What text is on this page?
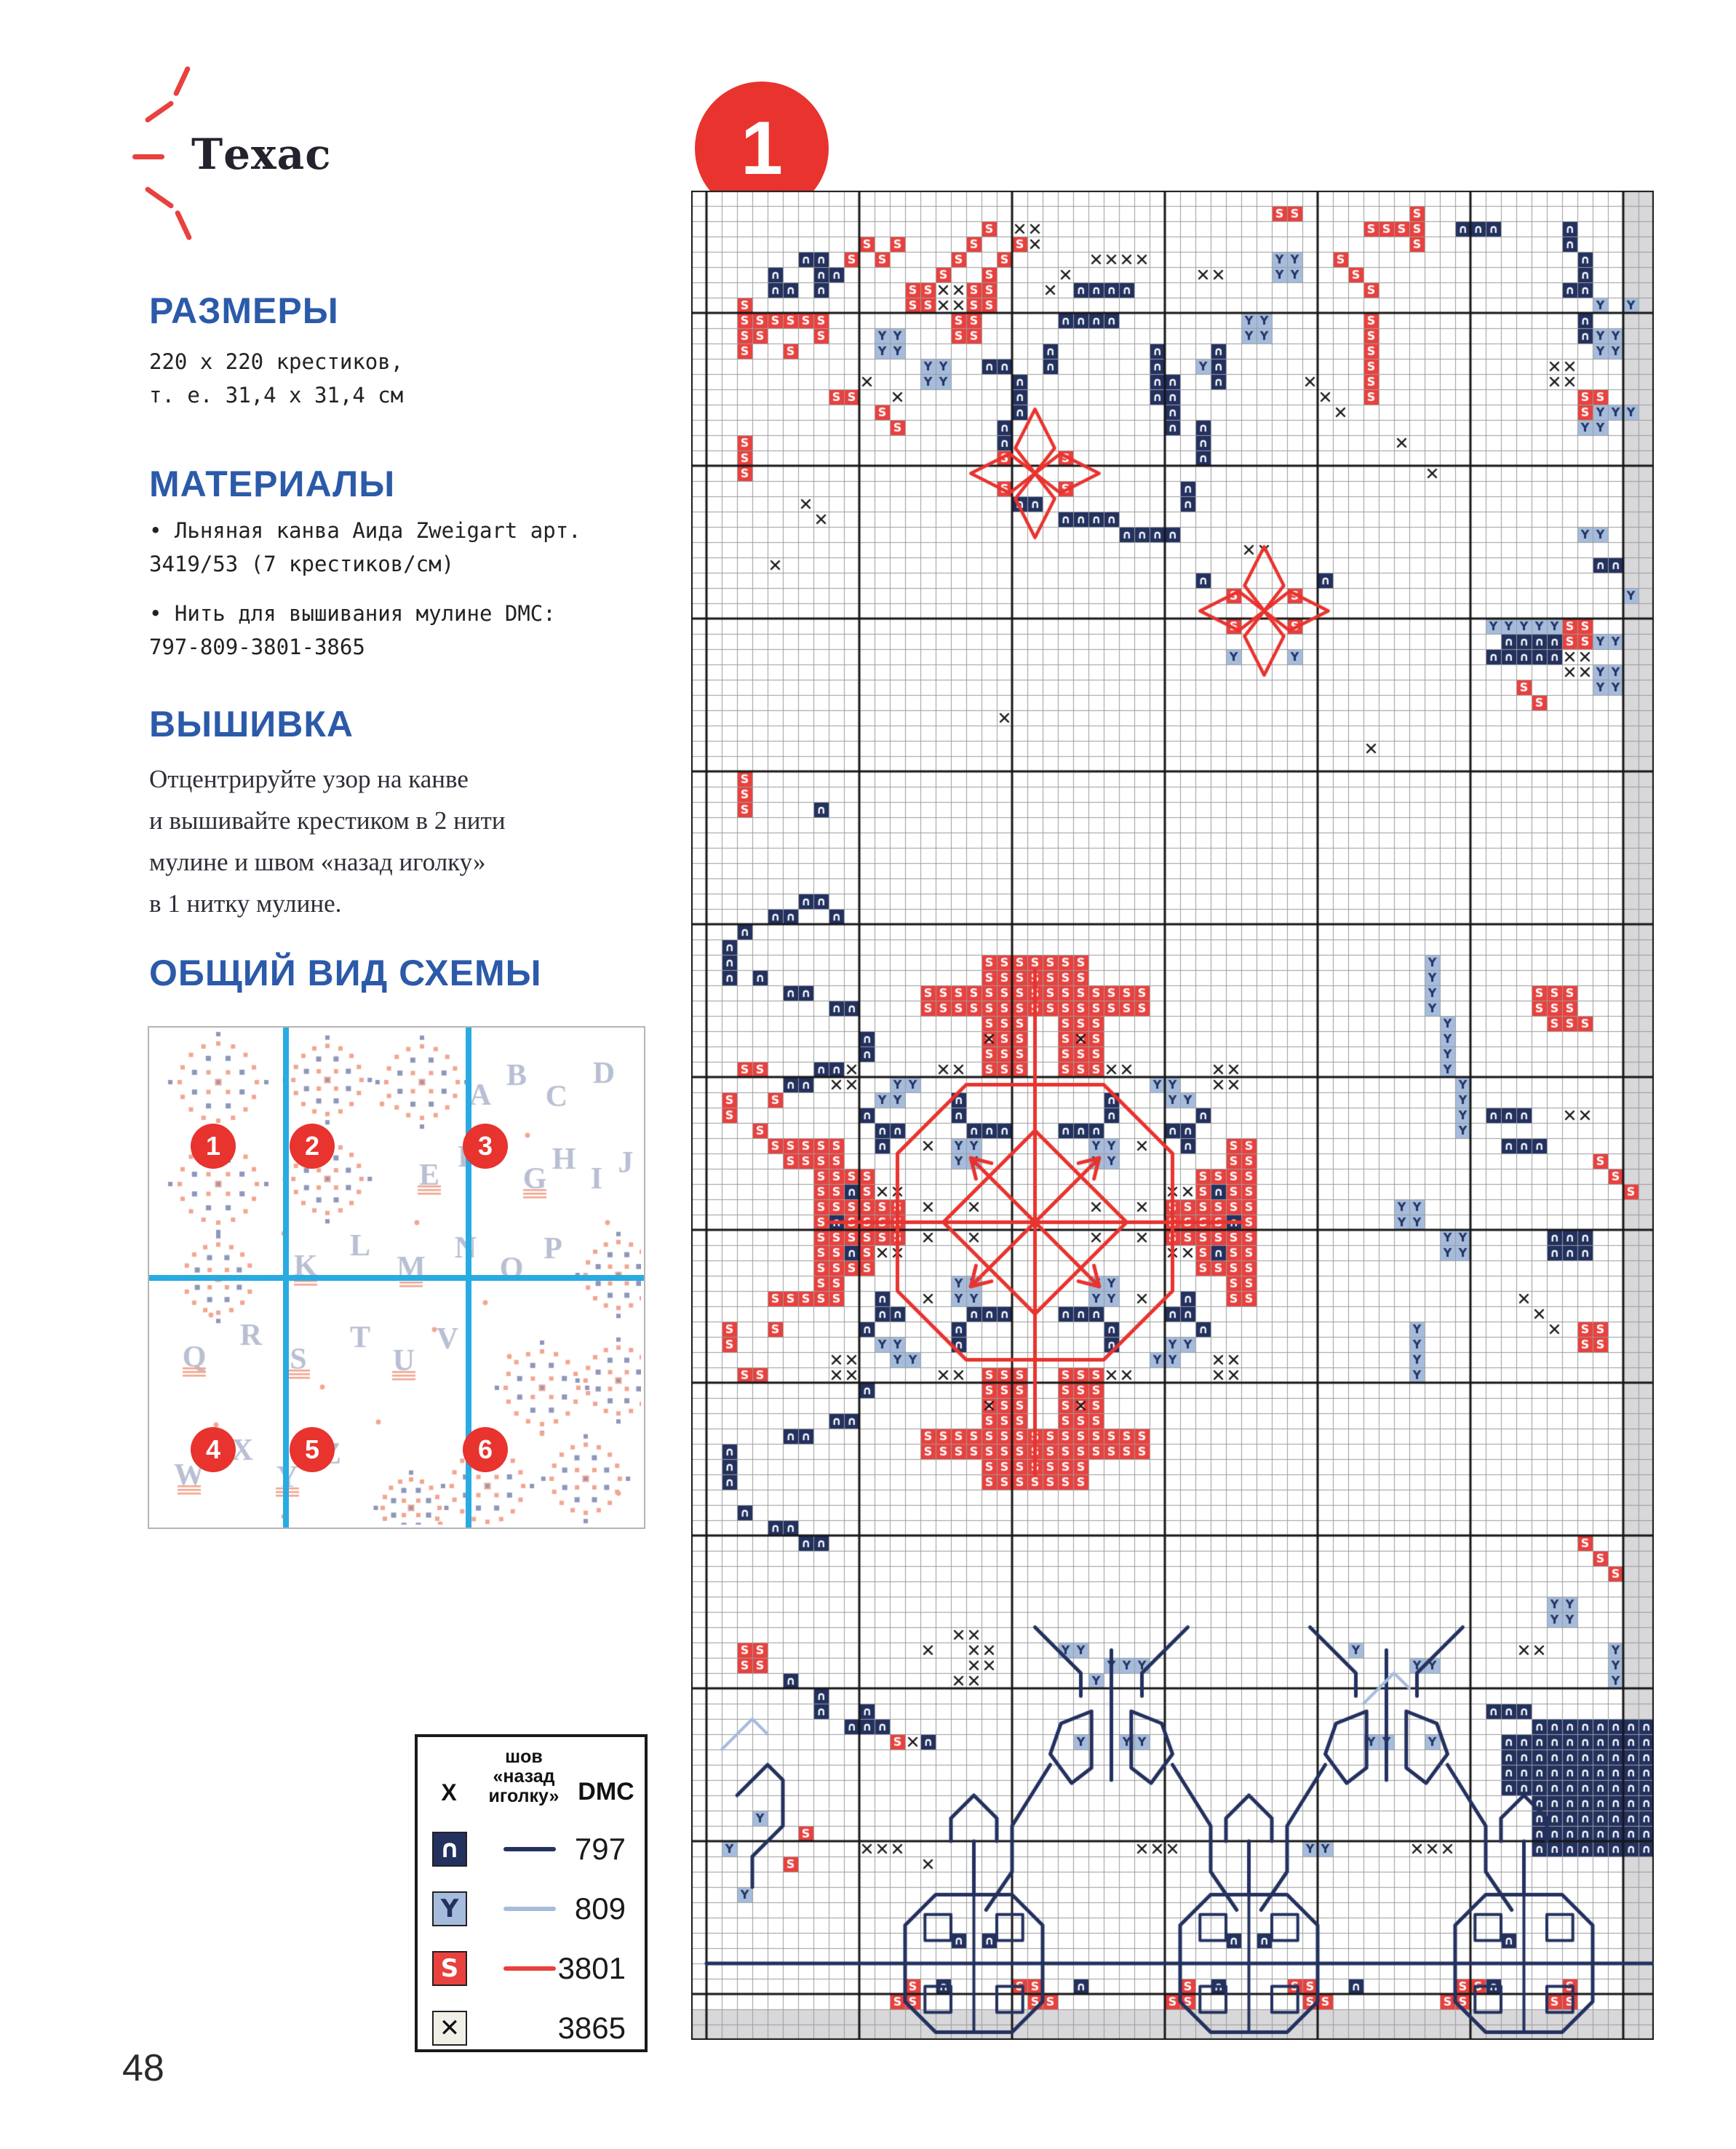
Техас
РАЗМЕРЫ
220 x 220 крестиков,
т. е. 31,4 x 31,4 см
МАТЕРИАЛЫ
• Льняная канва Аида Zweigart арт.
3419/53 (7 крестиков/см)
• Нить для вышивания мулине DMC:
797-809-3801-3865
ВЫШИВКА
Отцентрируйте узор на канве
и вышивайте крестиком в 2 нити
мулине и швом «назад иголку»
в 1 нитку мулине.
ОБЩИЙ ВИД СХЕМЫ
1	2	3
4	5	6
X
шов «назад иголку» DMC
∩	797
Y	809
S	3801
✕	3865
1
48
